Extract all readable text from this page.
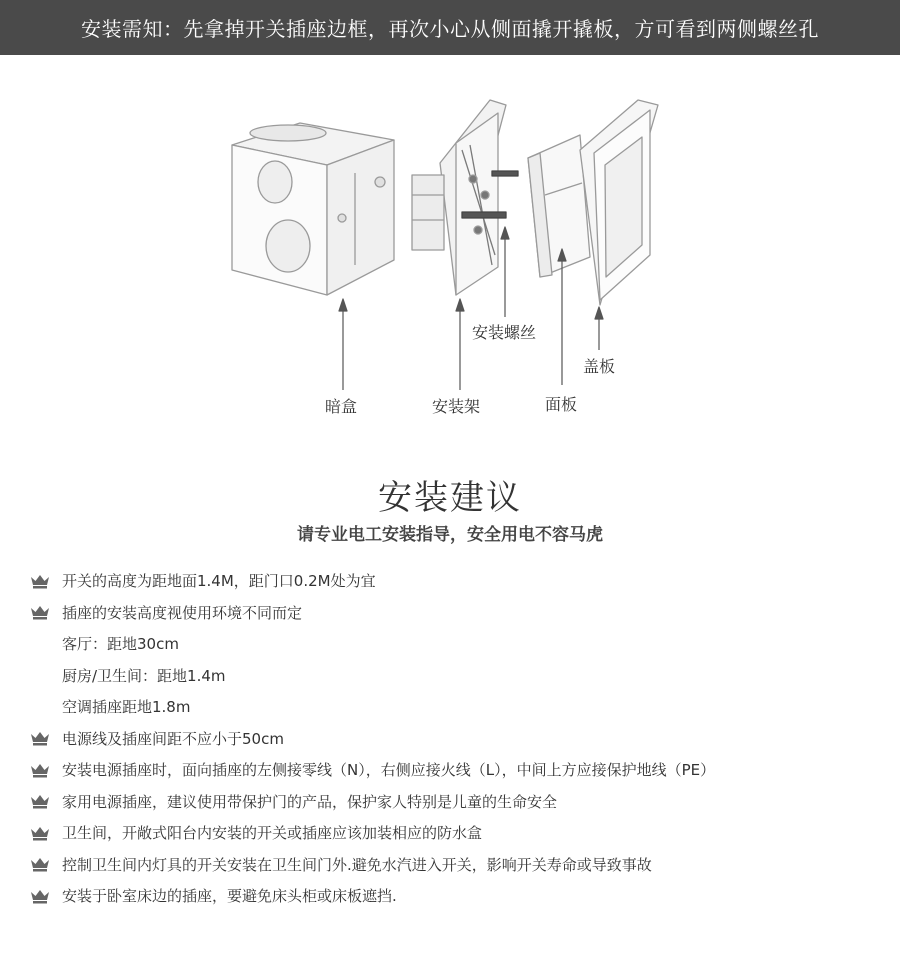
安装需知：先拿掉开关插座边框，再次小心从侧面撬开撬板，方可看到两侧螺丝孔
暗盒	安装架
安装螺丝
面板
盖板
安装建议
请专业电工安装指导，安全用电不容马虎
开关的高度为距地面1.4M，距门口0.2M处为宜
插座的安装高度视使用环境不同而定
客厅：距地30cm
厨房/卫生间：距地1.4m
空调插座距地1.8m
电源线及插座间距不应小于50cm
安装电源插座时，面向插座的左侧接零线（N），右侧应接火线（L），中间上方应接保护地线（PE）
家用电源插座，建议使用带保护门的产品，保护家人特别是儿童的生命安全
卫生间，开敞式阳台内安装的开关或插座应该加装相应的防水盒
控制卫生间内灯具的开关安装在卫生间门外.避免水汽进入开关，影响开关寿命或导致事故
安装于卧室床边的插座，要避免床头柜或床板遮挡.
